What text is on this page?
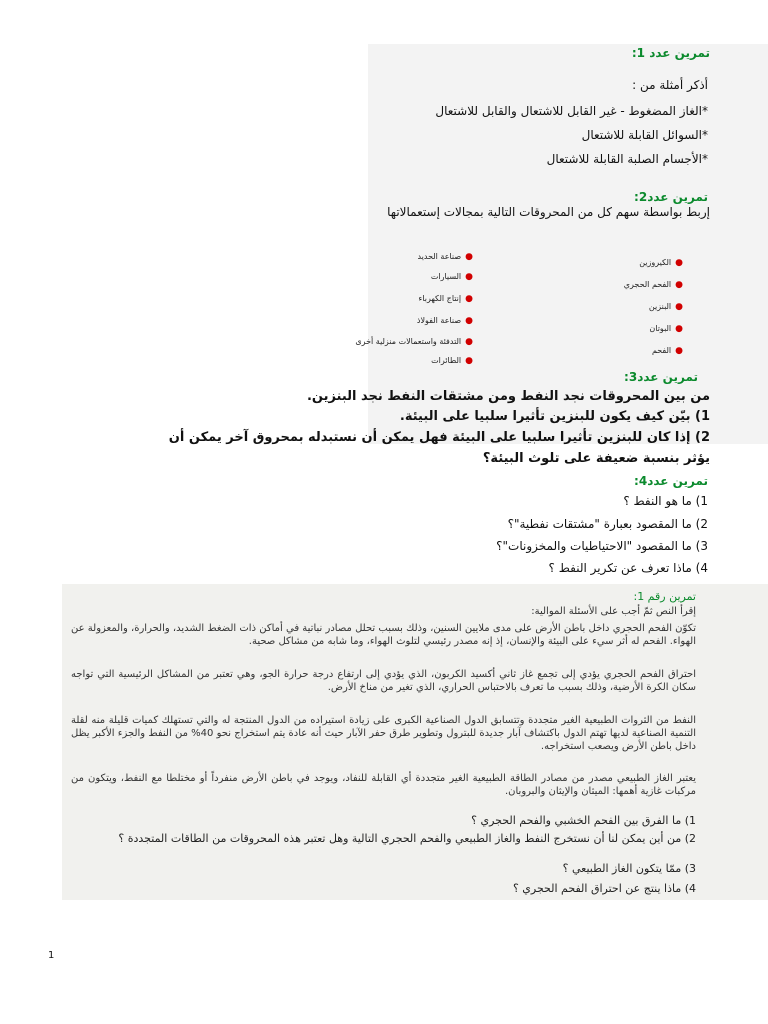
تمرين عدد 1:
أذكر أمثلة من :
*الغاز المضغوط - غير القابل للاشتعال والقابل للاشتعال
*السوائل القابلة للاشتعال
*الأجسام الصلبة القابلة للاشتعال
تمرين عدد2:
إربط بواسطة سهم كل من المحروقات التالية بمجالات إستعمالاتها
●الكيروزين
●الفحم الحجري
●البنزين
●البوتان
●الفحم
●صناعة الحديد
●السيارات
●إنتاج الكهرباء
●صناعة الفولاذ
●التدفئة واستعمالات منزلية أخرى
●الطائرات
تمرين عدد3:
من بين المحروقات نجد النفط ومن مشتقات النفط نجد البنزين.
1) بيّن كيف يكون للبنزين تأثيرا سلبيا على البيئة.
2) إذا كان للبنزين تأثيرا سلبيا على البيئة فهل يمكن أن نستبدله بمحروق آخر يمكن أن
يؤثر بنسبة ضعيفة على تلوث البيئة؟
تمرين عدد4:
1) ما هو النفط ؟
2) ما المقصود بعبارة "مشتقات نفطية"؟
3) ما المقصود "الاحتياطيات والمخزونات"؟
4) ماذا تعرف عن تكرير النفط ؟
تمرين رقم 1:
إقرأ النص ثمّ أجب على الأسئلة الموالية:
تكوّن الفحم الحجري داخل باطن الأرض على مدى ملايين السنين، وذلك بسبب تحلل مصادر نباتية في أماكن ذات الضغط الشديد، والحرارة، والمعزولة عن الهواء. الفحم له أثر سيء على البيئة والإنسان، إذ إنه مصدر رئيسي لتلوث الهواء، وما شابه من مشاكل صحية.
احتراق الفحم الحجري يؤدي إلى تجمع غاز ثاني أكسيد الكربون، الذي يؤدي إلى ارتفاع درجة حرارة الجو، وهي تعتبر من المشاكل الرئيسية التي تواجه سكان الكرة الأرضية، وذلك بسبب ما تعرف بالاحتباس الحراري، الذي تغير من مناخ الأرض.
النفط من الثروات الطبيعية الغير متجددة وتتسابق الدول الصناعية الكبرى على زيادة استيراده من الدول المنتجة له والتي تستهلك كميات قليلة منه لقلة التنمية الصناعية لديها تهتم الدول باكتشاف آبار جديدة للبترول وتطوير طرق حفر الآبار حيث أنه عادة يتم استخراج نحو 40% من النفط والجزء الأكبر يظل داخل باطن الأرض ويصعب استخراجه.
يعتبر الغاز الطبيعي مصدر من مصادر الطاقة الطبيعية الغير متجددة أي القابلة للنفاد، ويوجد في باطن الأرض منفرداً أو مختلطا مع النفط، ويتكون من مركبات غازية أهمها: الميثان والإيثان والبروبان.
1) ما الفرق بين الفحم الخشبي والفحم الحجري ؟
2) من أين يمكن لنا أن نستخرج النفط والغاز الطبيعي والفحم الحجري التالية وهل تعتبر هذه المحروقات من الطاقات المتجددة ؟
3) ممّا يتكون الغاز الطبيعي ؟
4) ماذا ينتج عن احتراق الفحم الحجري ؟
1
